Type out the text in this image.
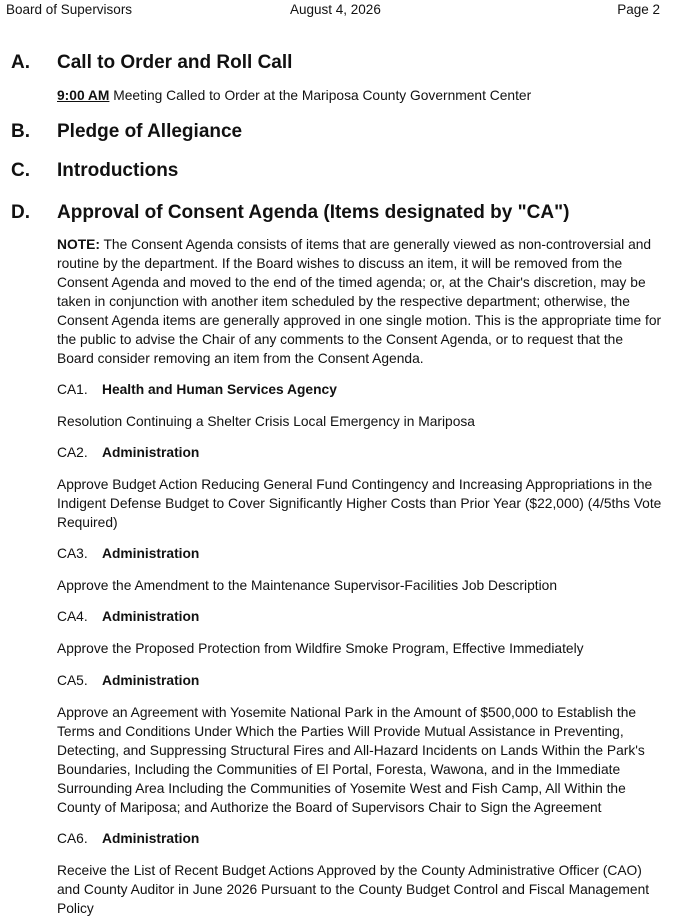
Board of Supervisors	August 4, 2026	Page 2
A. Call to Order and Roll Call
9:00 AM Meeting Called to Order at the Mariposa County Government Center
B. Pledge of Allegiance
C. Introductions
D. Approval of Consent Agenda (Items designated by "CA")
NOTE: The Consent Agenda consists of items that are generally viewed as non-controversial and routine by the department. If the Board wishes to discuss an item, it will be removed from the Consent Agenda and moved to the end of the timed agenda; or, at the Chair's discretion, may be taken in conjunction with another item scheduled by the respective department; otherwise, the Consent Agenda items are generally approved in one single motion. This is the appropriate time for the public to advise the Chair of any comments to the Consent Agenda, or to request that the Board consider removing an item from the Consent Agenda.
CA1. Health and Human Services Agency
Resolution Continuing a Shelter Crisis Local Emergency in Mariposa
CA2. Administration
Approve Budget Action Reducing General Fund Contingency and Increasing Appropriations in the Indigent Defense Budget to Cover Significantly Higher Costs than Prior Year ($22,000) (4/5ths Vote Required)
CA3. Administration
Approve the Amendment to the Maintenance Supervisor-Facilities Job Description
CA4. Administration
Approve the Proposed Protection from Wildfire Smoke Program, Effective Immediately
CA5. Administration
Approve an Agreement with Yosemite National Park in the Amount of $500,000 to Establish the Terms and Conditions Under Which the Parties Will Provide Mutual Assistance in Preventing, Detecting, and Suppressing Structural Fires and All-Hazard Incidents on Lands Within the Park's Boundaries, Including the Communities of El Portal, Foresta, Wawona, and in the Immediate Surrounding Area Including the Communities of Yosemite West and Fish Camp, All Within the County of Mariposa; and Authorize the Board of Supervisors Chair to Sign the Agreement
CA6. Administration
Receive the List of Recent Budget Actions Approved by the County Administrative Officer (CAO) and County Auditor in June 2026 Pursuant to the County Budget Control and Fiscal Management Policy
